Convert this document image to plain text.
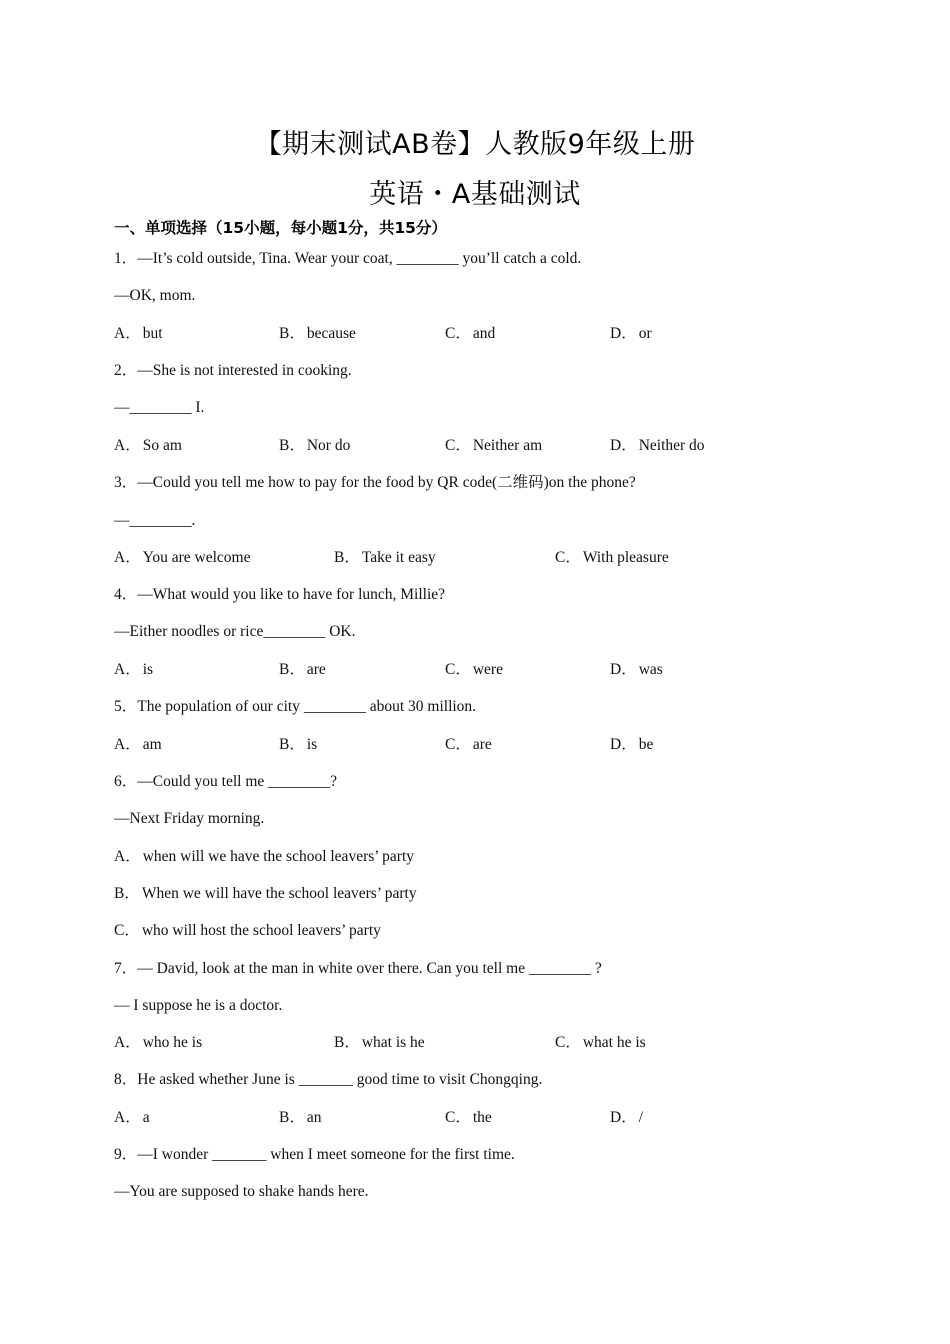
【期末测试AB卷】人教版9年级上册
英语・A基础测试
一、单项选择（15小题，每小题1分，共15分）
1．—It’s cold outside, Tina. Wear your coat, ________ you’ll catch a cold.
—OK, mom.
A． but	B． because	C． and	D． or
2．—She is not interested in cooking.
—________ I.
A． So am	B． Nor do	C． Neither am	D． Neither do
3．—Could you tell me how to pay for the food by QR code(二维码)on the phone?
—________.
A． You are welcome	B． Take it easy	C． With pleasure
4．—What would you like to have for lunch, Millie?
—Either noodles or rice________ OK.
A． is	B． are	C． were	D． was
5．The population of our city ________ about 30 million.
A． am	B． is	C． are	D． be
6．—Could you tell me ________?
—Next Friday morning.
A． when will we have the school leavers’ party
B． When we will have the school leavers’ party
C． who will host the school leavers’ party
7．— David, look at the man in white over there. Can you tell me ________ ?
— I suppose he is a doctor.
A． who he is	B． what is he	C． what he is
8．He asked whether June is _______ good time to visit Chongqing.
A． a	B． an	C． the	D． /
9．—I wonder _______ when I meet someone for the first time.
—You are supposed to shake hands here.
